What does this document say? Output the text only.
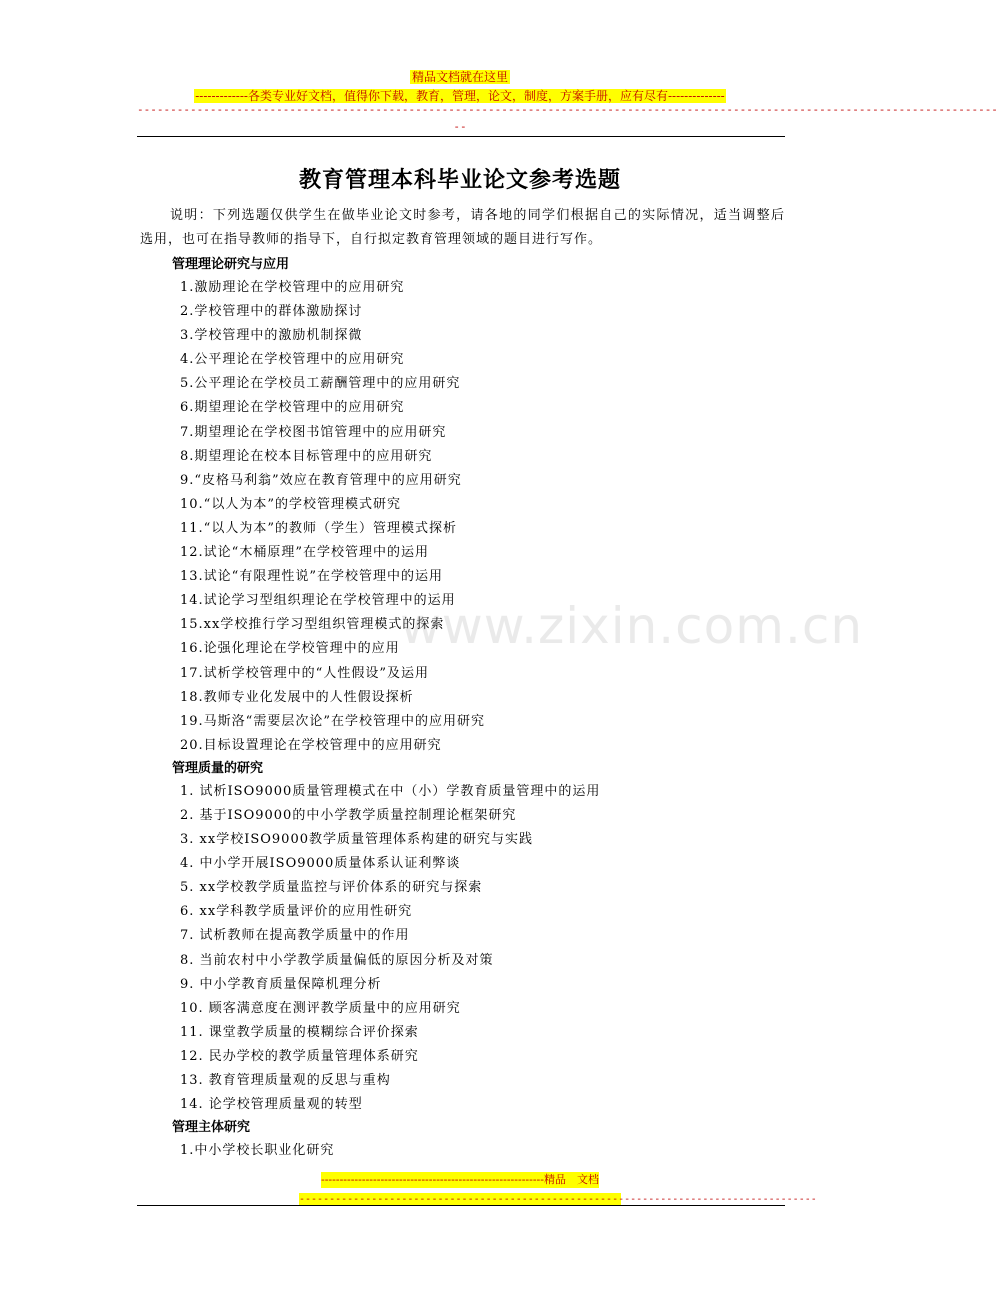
精品文档就在这里
-------------各类专业好文档，值得你下载，教育，管理，论文，制度，方案手册，应有尽有--------------
----------------------------------------------------------------------------------------------------------------------------------
--
教育管理本科毕业论文参考选题

说明：下列选题仅供学生在做毕业论文时参考，请各地的同学们根据自己的实际情况，适当调整后选用，也可在指导教师的指导下，自行拟定教育管理领域的题目进行写作。

管理理论研究与应用
1.激励理论在学校管理中的应用研究
2.学校管理中的群体激励探讨
3.学校管理中的激励机制探微
4.公平理论在学校管理中的应用研究
5.公平理论在学校员工薪酬管理中的应用研究
6.期望理论在学校管理中的应用研究
7.期望理论在学校图书馆管理中的应用研究
8.期望理论在校本目标管理中的应用研究
9.“皮格马利翁”效应在教育管理中的应用研究
10.“以人为本”的学校管理模式研究
11.“以人为本”的教师（学生）管理模式探析
12.试论“木桶原理”在学校管理中的运用
13.试论“有限理性说”在学校管理中的运用
14.试论学习型组织理论在学校管理中的运用
15.xx学校推行学习型组织管理模式的探索
16.论强化理论在学校管理中的应用
17.试析学校管理中的“人性假设”及运用
18.教师专业化发展中的人性假设探析
19.马斯洛“需要层次论”在学校管理中的应用研究
20.目标设置理论在学校管理中的应用研究
管理质量的研究
1. 试析ISO9000质量管理模式在中（小）学教育质量管理中的运用
2. 基于ISO9000的中小学教学质量控制理论框架研究
3. xx学校ISO9000教学质量管理体系构建的研究与实践
4. 中小学开展ISO9000质量体系认证利弊谈
5. xx学校教学质量监控与评价体系的研究与探索
6. xx学科教学质量评价的应用性研究
7. 试析教师在提高教学质量中的作用
8. 当前农村中小学教学质量偏低的原因分析及对策
9. 中小学教育质量保障机理分析
10. 顾客满意度在测评教学质量中的应用研究
11. 课堂教学质量的模糊综合评价探索
12. 民办学校的教学质量管理体系研究
13. 教育管理质量观的反思与重构
14. 论学校管理质量观的转型
管理主体研究
1.中小学校长职业化研究
www.zixin.com.cn
------------------------------------------------------------精品　文档
--------------------------------------------------------------------------------------
